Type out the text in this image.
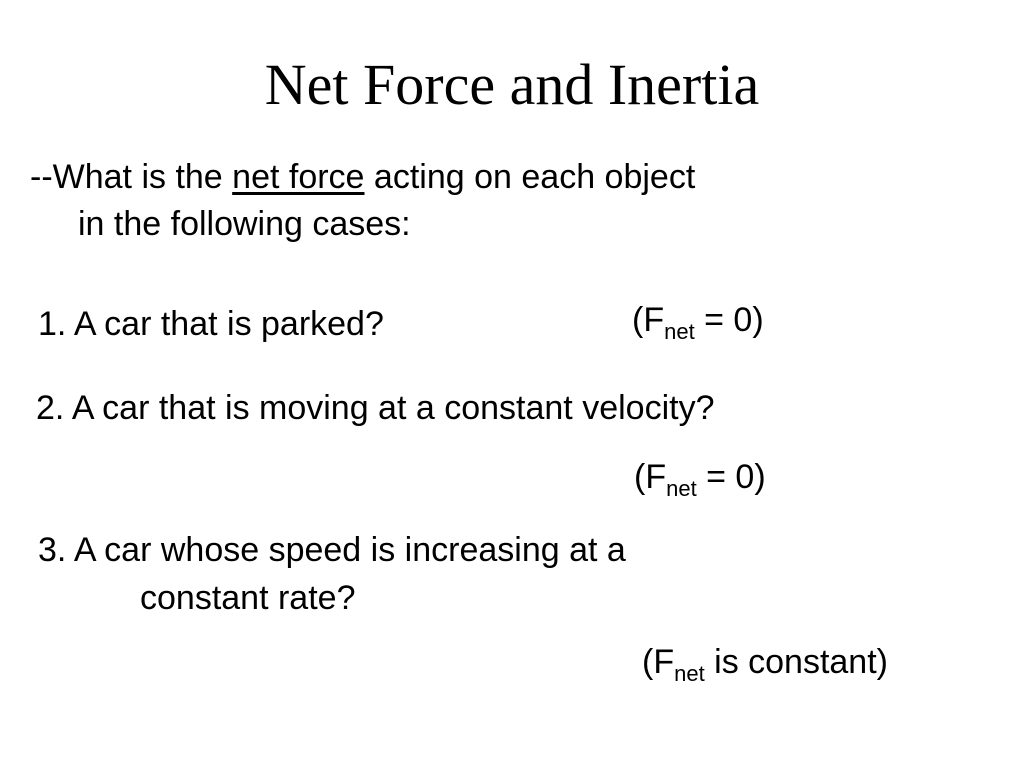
Net Force and Inertia
--What is the net force acting on each object
in the following cases:
1. A car that is parked?	$(F_{net} = 0)$
2. A car that is moving at a constant velocity?
$(F_{net} = 0)$
3. A car whose speed is increasing at a
constant rate?
($F_{net}$ is constant)
